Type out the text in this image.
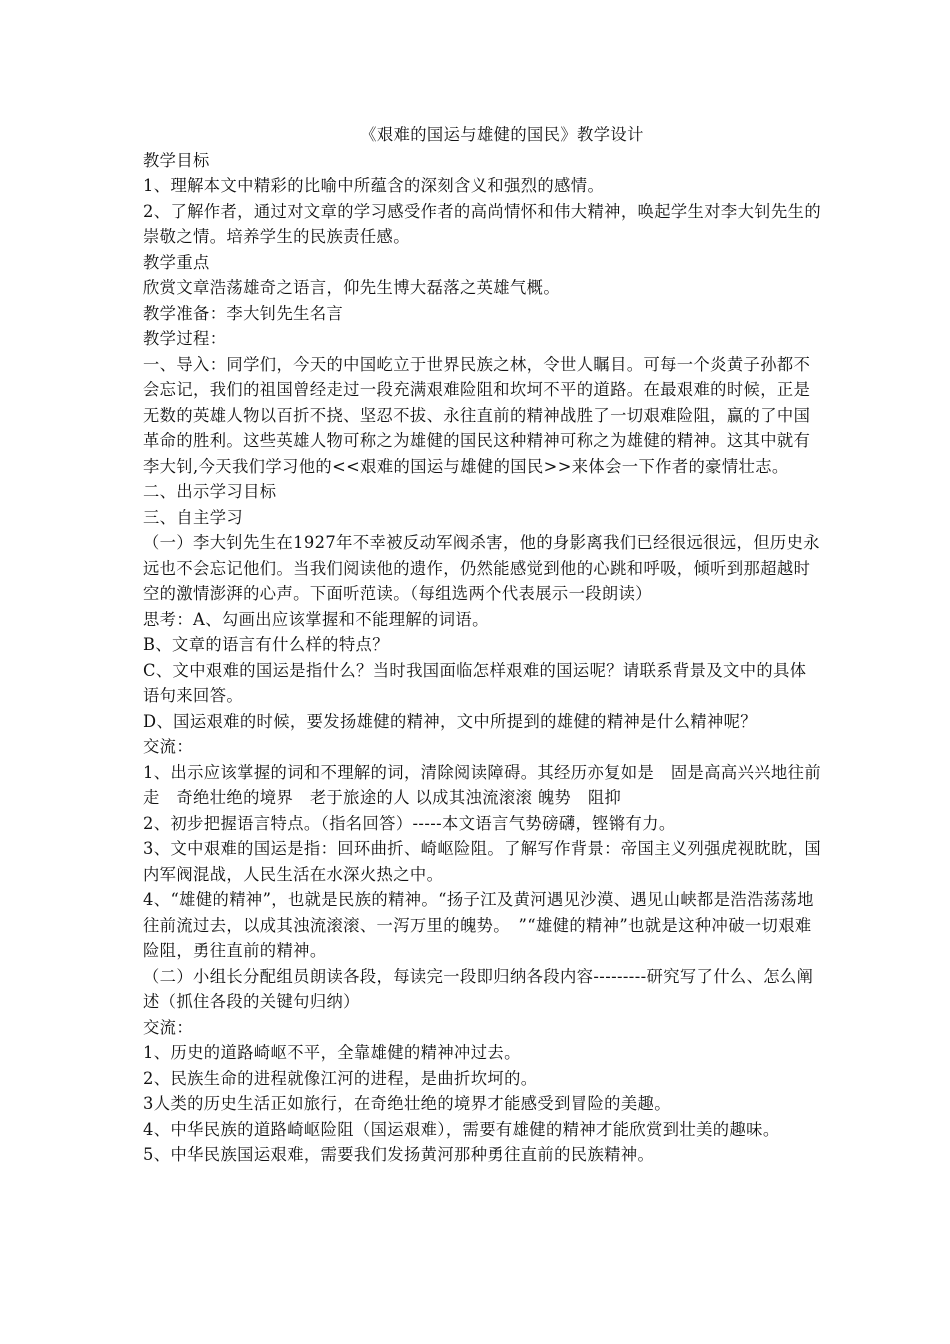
《艰难的国运与雄健的国民》教学设计

教学目标

1、理解本文中精彩的比喻中所蕴含的深刻含义和强烈的感情。

2、了解作者，通过对文章的学习感受作者的高尚情怀和伟大精神，唤起学生对李大钊先生的崇敬之情。培养学生的民族责任感。

教学重点

欣赏文章浩荡雄奇之语言，仰先生博大磊落之英雄气概。

教学准备：李大钊先生名言

教学过程：

一、导入：同学们，今天的中国屹立于世界民族之林，令世人瞩目。可每一个炎黄子孙都不会忘记，我们的祖国曾经走过一段充满艰难险阻和坎坷不平的道路。在最艰难的时候，正是无数的英雄人物以百折不挠、坚忍不拔、永往直前的精神战胜了一切艰难险阻，赢的了中国革命的胜利。这些英雄人物可称之为雄健的国民这种精神可称之为雄健的精神。这其中就有李大钊,今天我们学习他的<<艰难的国运与雄健的国民>>来体会一下作者的豪情壮志。

二、出示学习目标

三、自主学习

（一）李大钊先生在1927年不幸被反动军阀杀害，他的身影离我们已经很远很远，但历史永远也不会忘记他们。当我们阅读他的遗作，仍然能感觉到他的心跳和呼吸，倾听到那超越时空的激情澎湃的心声。下面听范读。（每组选两个代表展示一段朗读）

思考：A、勾画出应该掌握和不能理解的词语。

B、文章的语言有什么样的特点？

C、文中艰难的国运是指什么？当时我国面临怎样艰难的国运呢？请联系背景及文中的具体语句来回答。

D、国运艰难的时候，要发扬雄健的精神，文中所提到的雄健的精神是什么精神呢？

交流：

1、出示应该掌握的词和不理解的词，清除阅读障碍。其经历亦复如是　固是高高兴兴地往前走　奇绝壮绝的境界　老于旅途的人 以成其浊流滚滚 魄势　阻抑

2、初步把握语言特点。（指名回答）-----本文语言气势磅礴，铿锵有力。

3、文中艰难的国运是指：回环曲折、崎岖险阻。了解写作背景：帝国主义列强虎视眈眈，国内军阀混战，人民生活在水深火热之中。

4、“雄健的精神”，也就是民族的精神。“扬子江及黄河遇见沙漠、遇见山峡都是浩浩荡荡地往前流过去，以成其浊流滚滚、一泻万里的魄势。　”“雄健的精神”也就是这种冲破一切艰难险阻，勇往直前的精神。

（二）小组长分配组员朗读各段，每读完一段即归纳各段内容---------研究写了什么、怎么阐述（抓住各段的关键句归纳）

交流：

1、历史的道路崎岖不平，全靠雄健的精神冲过去。

2、民族生命的进程就像江河的进程，是曲折坎坷的。

3人类的历史生活正如旅行，在奇绝壮绝的境界才能感受到冒险的美趣。

4、中华民族的道路崎岖险阻（国运艰难），需要有雄健的精神才能欣赏到壮美的趣味。

5、中华民族国运艰难，需要我们发扬黄河那种勇往直前的民族精神。
